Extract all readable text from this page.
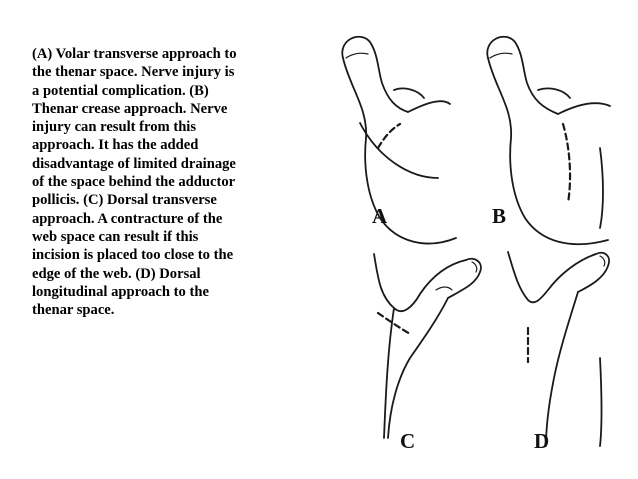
(A) Volar transverse approach to
the thenar space. Nerve injury is
a potential complication. (B)
Thenar crease approach. Nerve
injury can result from this
approach. It has the added
disadvantage of limited drainage
of the space behind the adductor
pollicis. (C) Dorsal transverse
approach. A contracture of the
web space can result if this
incision is placed too close to the
edge of the web. (D) Dorsal
longitudinal approach to the
thenar space.

A	B
C	D
